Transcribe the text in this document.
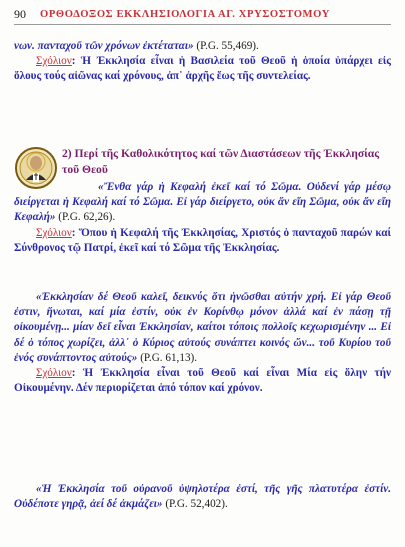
90	ΟΡΘΟΔΟΞΟΣ ΕΚΚΛΗΣΙΟΛΟΓΙΑ ΑΓ. ΧΡΥΣΟΣΤΟΜΟΥ
νων. πανταχοῦ τῶν χρόνων ἐκτέταται» (P.G. 55,469).
Σχόλιον: Ἡ Ἐκκλησία εἶναι ἡ Βασιλεία τοῦ Θεοῦ ἡ ὁποία ὑπάρχει εἰς ὅλους τούς αἰῶνας καί χρόνους, ἀπ᾽ ἀρχῆς ἕως τῆς συντελείας.
2) Περί τῆς Καθολικότητος καί τῶν Διαστάσεων τῆς Ἐκκλησίας τοῦ Θεοῦ
«Ἔνθα γάρ ἡ Κεφαλή ἐκεῖ καί τό Σῶμα. Οὐδενί γάρ μέσῳ διείργεται ἡ Κεφαλή καί τό Σῶμα. Εἰ γάρ διείργετο, οὐκ ἄν εἴη Σῶμα, οὐκ ἄν εἴη Κεφαλή» (P.G. 62,26).
Σχόλιον: Ὅπου ἡ Κεφαλή τῆς Ἐκκλησίας, Χριστός ὁ πανταχοῦ παρών καί Σύνθρονος τῷ Πατρί, ἐκεῖ καί τό Σῶμα τῆς Ἐκκλησίας.
«Ἐκκλησίαν δέ Θεοῦ καλεῖ, δεικνύς ὅτι ἡνῶσθαι αὐτήν χρή. Εἰ γάρ Θεοῦ ἐστιν, ἥνωται, καί μία ἐστίν, οὐκ ἐν Κορίνθῳ μόνον ἀλλά καί ἐν πάσῃ τῇ οἰκουμένῃ... μίαν δεῖ εἶναι Ἐκκλησίαν, καίτοι τόποις πολλοῖς κεχωρισμένην ... Εἰ δέ ὁ τόπος χωρίζει, ἀλλ᾽ ὁ Κύριος αὐτούς συνάπτει κοινός ὤν... τοῦ Κυρίου τοῦ ἑνός συνάπτοντος αὐτούς» (P.G. 61,13).
Σχόλιον: Ἡ Ἐκκλησία εἶναι τοῦ Θεοῦ καί εἶναι Μία εἰς ὅλην τήν Οἰκουμένην. Δέν περιορίζεται ἀπό τόπον καί χρόνον.
«Ἡ Ἐκκλησία τοῦ οὐρανοῦ ὑψηλοτέρα ἐστί, τῆς γῆς πλατυτέρα ἐστίν. Οὐδέποτε γηρᾷ, ἀεί δέ ἀκμάζει» (P.G. 52,402).
